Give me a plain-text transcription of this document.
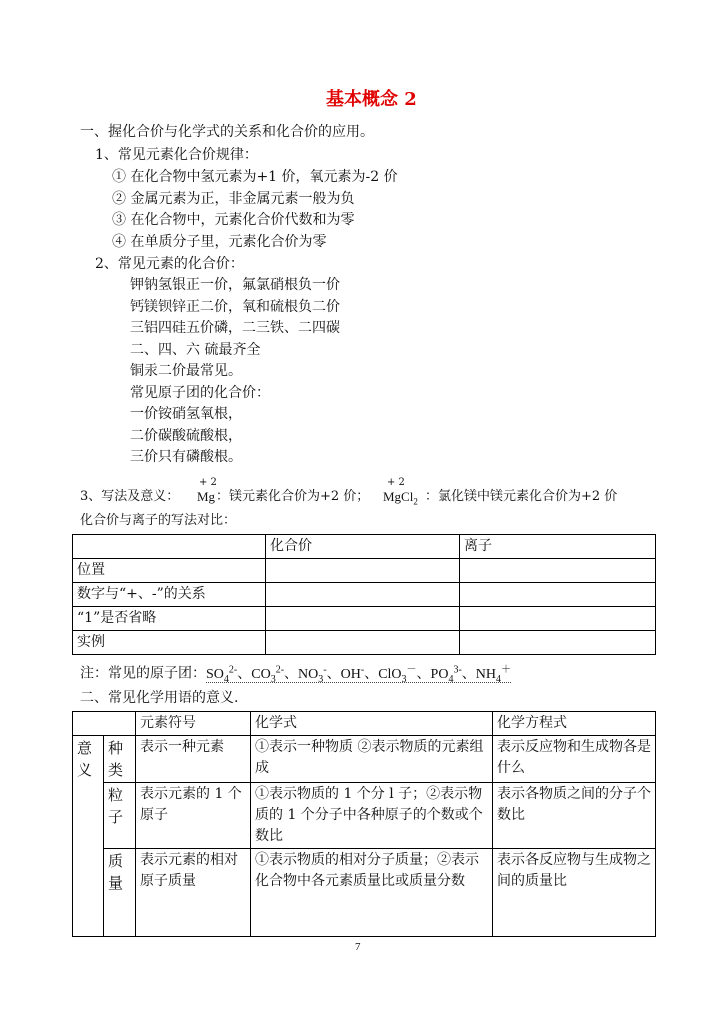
基本概念 2
一、握化合价与化学式的关系和化合价的应用。
1、常见元素化合价规律：
① 在化合物中氢元素为+1 价，氧元素为-2 价
② 金属元素为正，非金属元素一般为负
③ 在化合物中，元素化合价代数和为零
④ 在单质分子里，元素化合价为零
2、常见元素的化合价：
钾钠氢银正一价，氟氯硝根负一价
钙镁钡锌正二价，氧和硫根负二价
三铝四硅五价磷，二三铁、二四碳
二、四、六 硫最齐全
铜汞二价最常见。
常见原子团的化合价：
一价铵硝氢氧根，
二价碳酸硫酸根，
三价只有磷酸根。
3、写法及意义：
+ 2
Mg ：镁元素化合价为+2 价；
+ 2
MgCl$_2$ ：氯化镁中镁元素化合价为+2 价
化合价与离子的写法对比：
	化合价	离子
位置		
数字与“+、-”的关系		
“1”是否省略		
实例		
注：常见的原子团：$SO_4^{2-}$、$CO_3^{2-}$、$NO_3^-$、OH-、ClO$_3$－、$PO_4^{3-}$、$NH_4^+$
二、常见化学用语的意义.
		元素符号	化学式	化学方程式
意义	种类	表示一种元素	①表示一种物质 ②表示物质的元素组成	表示反应物和生成物各是什么
	粒子	表示元素的 1 个原子	①表示物质的 1 个分 l 子；②表示物质的 1 个分子中各种原子的个数或个数比	表示各物质之间的分子个数比
	质量	表示元素的相对原子质量	①表示物质的相对分子质量；②表示化合物中各元素质量比或质量分数	表示各反应物与生成物之间的质量比
7
